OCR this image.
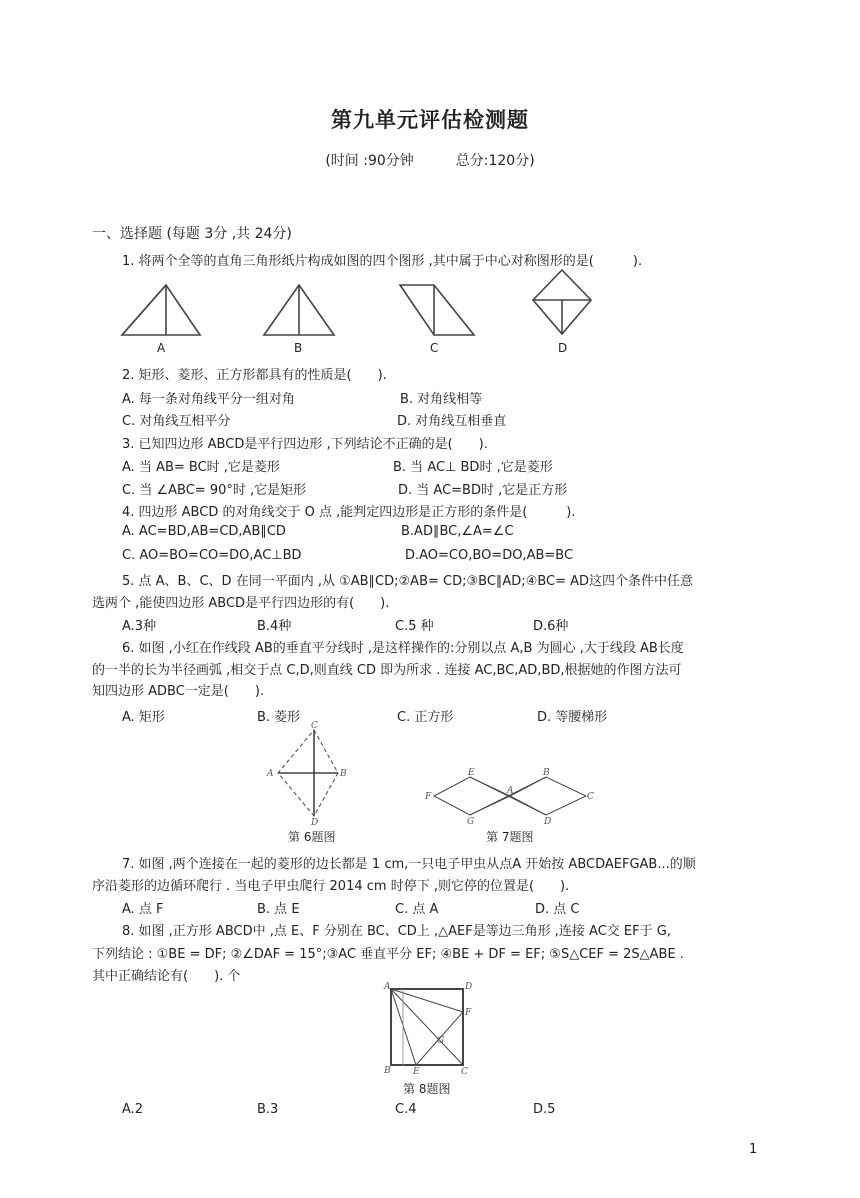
第九单元评估检测题
(时间 :90分钟　　　总分:120分)
一、选择题 (每题 3分 ,共 24分)
1. 将两个全等的直角三角形纸片构成如图的四个图形 ,其中属于中心对称图形的是(　　　).
A	B	C	D
2. 矩形、菱形、正方形都具有的性质是(　　).
A. 每一条对角线平分一组对角	B. 对角线相等
C. 对角线互相平分	D. 对角线互相垂直
3. 已知四边形 ABCD是平行四边形 ,下列结论不正确的是(　　).
A. 当 AB= BC时 ,它是菱形	B. 当 AC⊥ BD时 ,它是菱形
C. 当 ∠ABC= 90°时 ,它是矩形	D. 当 AC=BD时 ,它是正方形
4. 四边形 ABCD 的对角线交于 O 点 ,能判定四边形是正方形的条件是(　　　).
A. AC=BD,AB=CD,AB∥CD	B.AD∥BC,∠A=∠C
C. AO=BO=CO=DO,AC⊥BD	D.AO=CO,BO=DO,AB=BC
5. 点 A、B、C、D 在同一平面内 ,从 ①AB∥CD;②AB= CD;③BC∥AD;④BC= AD这四个条件中任意
选两个 ,能使四边形 ABCD是平行四边形的有(　　).
A.3种	B.4种	C.5 种	D.6种
6. 如图 ,小红在作线段 AB的垂直平分线时 ,是这样操作的:分别以点 A,B 为圆心 ,大于线段 AB长度
的一半的长为半径画弧 ,相交于点 C,D,则直线 CD 即为所求 . 连接 AC,BC,AD,BD,根据她的作图方法可
知四边形 ADBC一定是(　　).
A. 矩形	B. 菱形	C. 正方形	D. 等腰梯形
C
A	B
D
第 6题图
E	B
F
A
C
G	D
第 7题图
7. 如图 ,两个连接在一起的菱形的边长都是 1 cm,一只电子甲虫从点A 开始按 ABCDAEFGAB...的顺
序沿菱形的边循环爬行 . 当电子甲虫爬行 2014 cm 时停下 ,则它停的位置是(　　).
A. 点 F	B. 点 E	C. 点 A	D. 点 C
8. 如图 ,正方形 ABCD中 ,点 E、F 分别在 BC、CD上 ,△AEF是等边三角形 ,连接 AC交 EF于 G,
下列结论 : ①BE = DF; ②∠DAF = 15°;③AC 垂直平分 EF; ④BE + DF = EF; ⑤S△CEF = 2S△ABE .
其中正确结论有(　　). 个
A	D
F
G
B E	C
第 8题图
A.2	B.3	C.4	D.5
1
